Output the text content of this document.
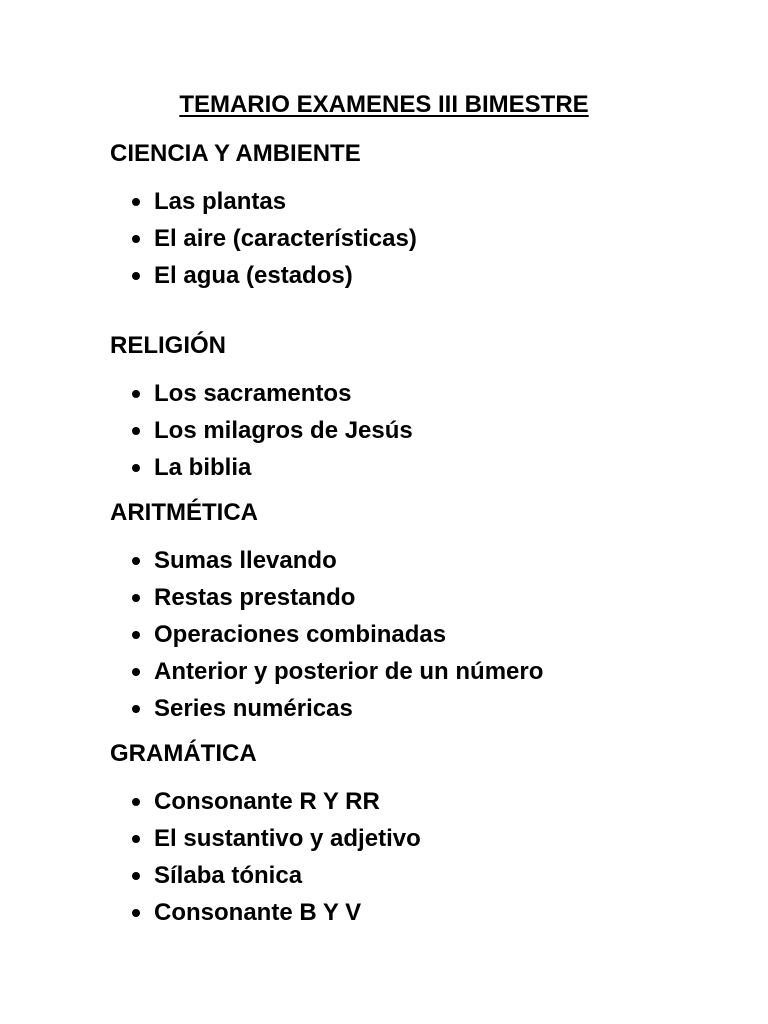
TEMARIO EXAMENES III BIMESTRE
CIENCIA Y AMBIENTE
Las plantas
El aire (características)
El agua (estados)
RELIGIÓN
Los sacramentos
Los milagros de Jesús
La biblia
ARITMÉTICA
Sumas llevando
Restas prestando
Operaciones combinadas
Anterior y posterior de un número
Series numéricas
GRAMÁTICA
Consonante R Y RR
El sustantivo y adjetivo
Sílaba tónica
Consonante B Y V
